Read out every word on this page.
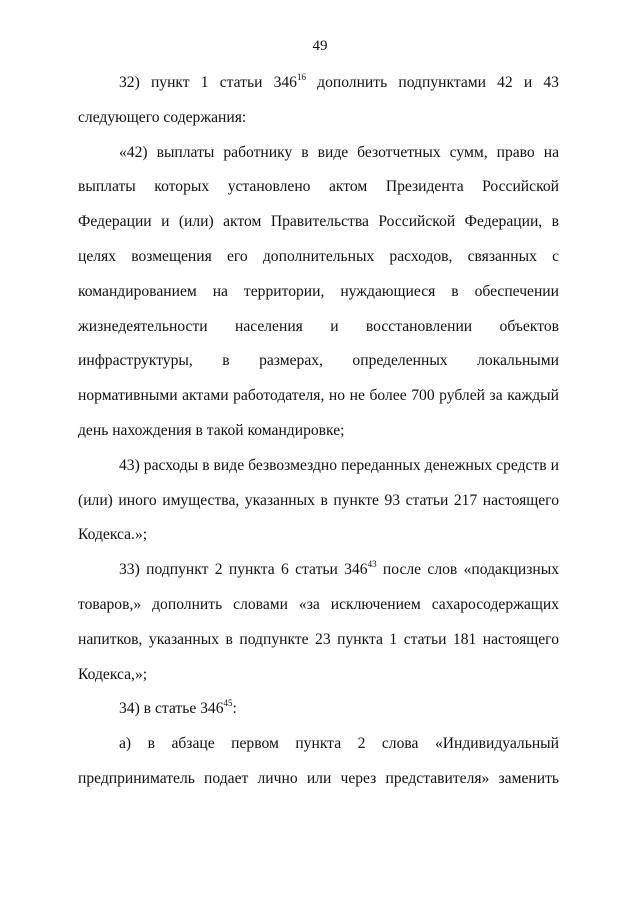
49

32) пункт 1 статьи $346^{16}$ дополнить подпунктами 42 и 43 следующего содержания:

«42) выплаты работнику в виде безотчетных сумм, право на выплаты которых установлено актом Президента Российской Федерации и (или) актом Правительства Российской Федерации, в целях возмещения его дополнительных расходов, связанных с командированием на территории, нуждающиеся в обеспечении жизнедеятельности населения и восстановлении объектов инфраструктуры, в размерах, определенных локальными нормативными актами работодателя, но не более 700 рублей за каждый день нахождения в такой командировке;

43) расходы в виде безвозмездно переданных денежных средств и (или) иного имущества, указанных в пункте 93 статьи 217 настоящего Кодекса.»;

33) подпункт 2 пункта 6 статьи $346^{43}$ после слов «подакцизных товаров,» дополнить словами «за исключением сахаросодержащих напитков, указанных в подпункте 23 пункта 1 статьи 181 настоящего Кодекса,»;

34) в статье $346^{45}$:

а) в абзаце первом пункта 2 слова «Индивидуальный предприниматель подает лично или через представителя» заменить
